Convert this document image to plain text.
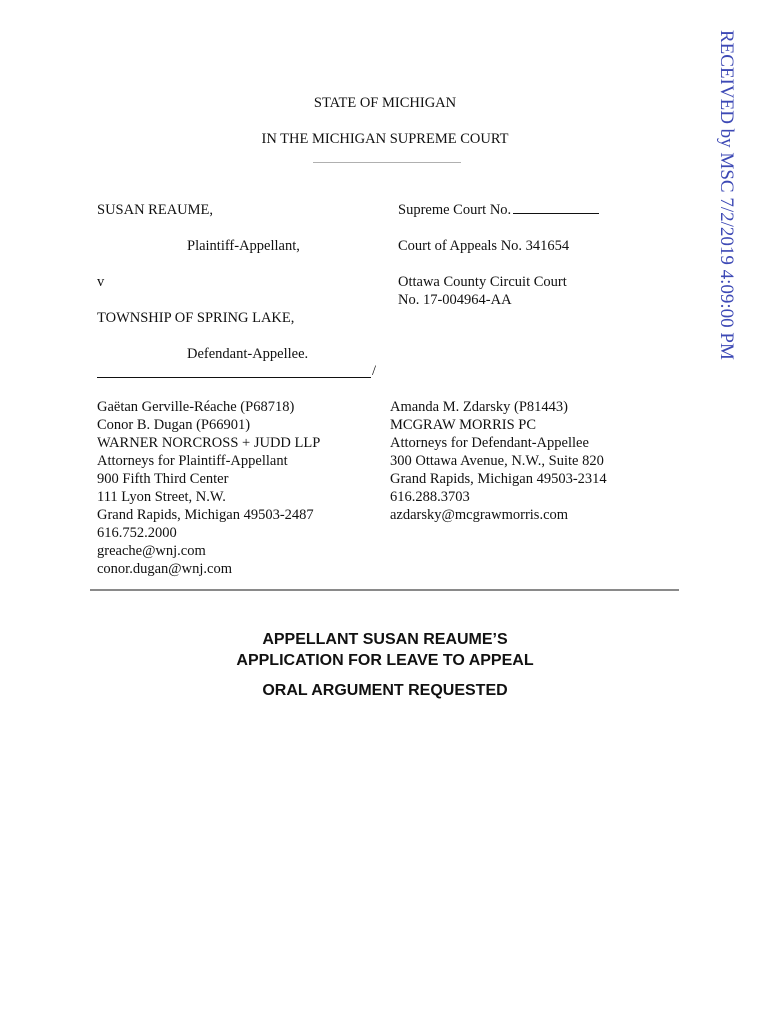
STATE OF MICHIGAN
IN THE MICHIGAN SUPREME COURT
SUSAN REAUME,
Plaintiff-Appellant,
v
TOWNSHIP OF SPRING LAKE,
Defendant-Appellee.
/
Supreme Court No.
Court of Appeals No. 341654
Ottawa County Circuit Court
No. 17-004964-AA
Gaëtan Gerville-Réache (P68718)
Conor B. Dugan (P66901)
WARNER NORCROSS + JUDD LLP
Attorneys for Plaintiff-Appellant
900 Fifth Third Center
111 Lyon Street, N.W.
Grand Rapids, Michigan 49503-2487
616.752.2000
greache@wnj.com
conor.dugan@wnj.com
Amanda M. Zdarsky (P81443)
MCGRAW MORRIS PC
Attorneys for Defendant-Appellee
300 Ottawa Avenue, N.W., Suite 820
Grand Rapids, Michigan 49503-2314
616.288.3703
azdarsky@mcgrawmorris.com
APPELLANT SUSAN REAUME’S
APPLICATION FOR LEAVE TO APPEAL
ORAL ARGUMENT REQUESTED
RECEIVED by MSC 7/2/2019 4:09:00 PM
